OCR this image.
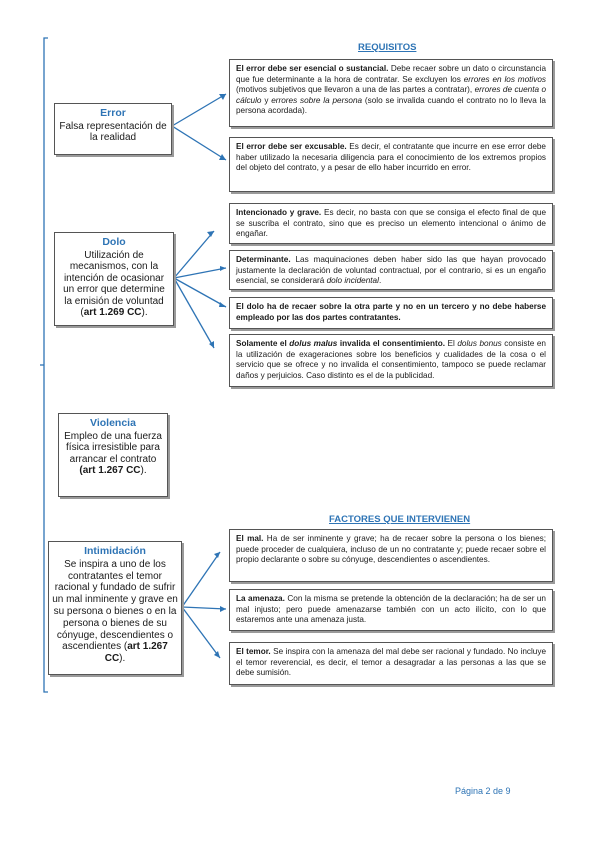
REQUISITOS
FACTORES QUE INTERVIENEN
Error
Falsa representación de la realidad
Dolo
Utilización de mecanismos, con la intención de ocasionar un error que determine la emisión de voluntad (art 1.269 CC).
Violencia
Empleo de una fuerza física irresistible para arrancar el contrato (art 1.267 CC).
Intimidación
Se inspira a uno de los contratantes el temor racional y fundado de sufrir un mal inminente y grave en su persona o bienes o en la persona o bienes de su cónyuge, descendientes o ascendientes (art 1.267 CC).
El error debe ser esencial o sustancial. Debe recaer sobre un dato o circunstancia que fue determinante a la hora de contratar. Se excluyen los errores en los motivos (motivos subjetivos que llevaron a una de las partes a contratar), errores de cuenta o cálculo y errores sobre la persona (solo se invalida cuando el contrato no lo lleva la persona acordada).
El error debe ser excusable. Es decir, el contratante que incurre en ese error debe haber utilizado la necesaria diligencia para el conocimiento de los extremos propios del objeto del contrato, y a pesar de ello haber incurrido en error.
Intencionado y grave. Es decir, no basta con que se consiga el efecto final de que se suscriba el contrato, sino que es preciso un elemento intencional o ánimo de engañar.
Determinante. Las maquinaciones deben haber sido las que hayan provocado justamente la declaración de voluntad contractual, por el contrario, si es un engaño esencial, se considerará dolo incidental.
El dolo ha de recaer sobre la otra parte y no en un tercero y no debe haberse empleado por las dos partes contratantes.
Solamente el dolus malus invalida el consentimiento. El dolus bonus consiste en la utilización de exageraciones sobre los beneficios y cualidades de la cosa o el servicio que se ofrece y no invalida el consentimiento, tampoco se puede reclamar daños y perjuicios. Caso distinto es el de la publicidad.
El mal. Ha de ser inminente y grave; ha de recaer sobre la persona o los bienes; puede proceder de cualquiera, incluso de un no contratante y; puede recaer sobre el propio declarante o sobre su cónyuge, descendientes o ascendientes.
La amenaza. Con la misma se pretende la obtención de la declaración; ha de ser un mal injusto; pero puede amenazarse también con un acto ilícito, con lo que estaremos ante una amenaza justa.
El temor. Se inspira con la amenaza del mal debe ser racional y fundado. No incluye el temor reverencial, es decir, el temor a desagradar a las personas a las que se debe sumisión.
Página 2 de 9
